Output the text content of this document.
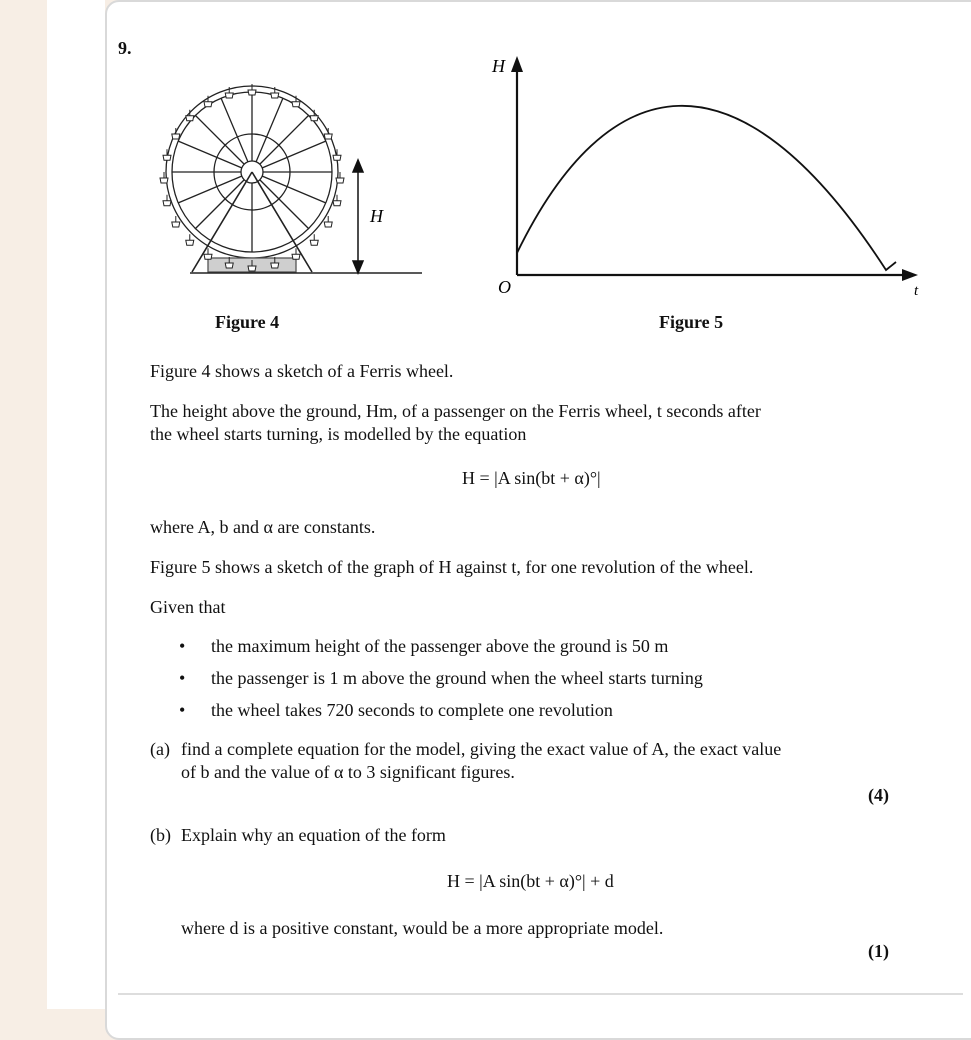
9.
H
H
O	t
Figure 4	Figure 5
Figure 4 shows a sketch of a Ferris wheel.
The height above the ground, Hm, of a passenger on the Ferris wheel, t seconds after
the wheel starts turning, is modelled by the equation
H = |A sin(bt + α)°|
where A, b and α are constants.
Figure 5 shows a sketch of the graph of H against t, for one revolution of the wheel.
Given that
• the maximum height of the passenger above the ground is 50 m
• the passenger is 1 m above the ground when the wheel starts turning
• the wheel takes 720 seconds to complete one revolution
(a) find a complete equation for the model, giving the exact value of A, the exact value
of b and the value of α to 3 significant figures.
(4)
(b) Explain why an equation of the form
H = |A sin(bt + α)°| + d
where d is a positive constant, would be a more appropriate model.
(1)
